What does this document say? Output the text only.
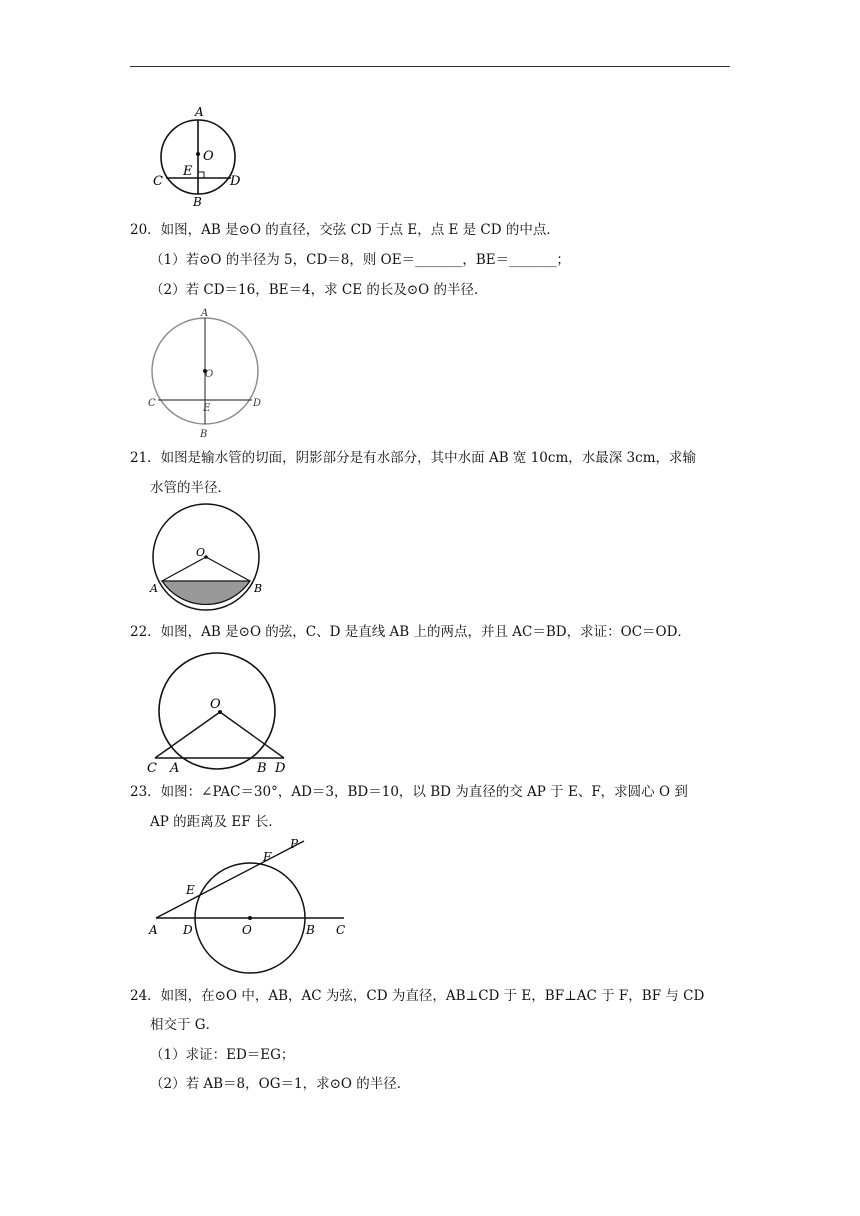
A
O
E
C	D
B
20．如图，AB 是⊙O 的直径，交弦 CD 于点 E，点 E 是 CD 的中点．
（1）若⊙O 的半径为 5，CD＝8，则 OE＝_______，BE＝_______；
（2）若 CD＝16，BE＝4，求 CE 的长及⊙O 的半径．
A
O
C	E	D
B
21．如图是输水管的切面，阴影部分是有水部分，其中水面 AB 宽 10cm，水最深 3cm，求输
水管的半径．
O
A	B
22．如图，AB 是⊙O 的弦，C、D 是直线 AB 上的两点，并且 AC＝BD，求证：OC＝OD．
O
C A	B D
23．如图：∠PAC＝30°，AD＝3，BD＝10，以 BD 为直径的交 AP 于 E、F，求圆心 O 到
AP 的距离及 EF 长．
P
F
E
A D	O	B C
24．如图，在⊙O 中，AB，AC 为弦，CD 为直径，AB⊥CD 于 E，BF⊥AC 于 F，BF 与 CD
相交于 G．
（1）求证：ED＝EG；
（2）若 AB＝8，OG＝1，求⊙O 的半径．
